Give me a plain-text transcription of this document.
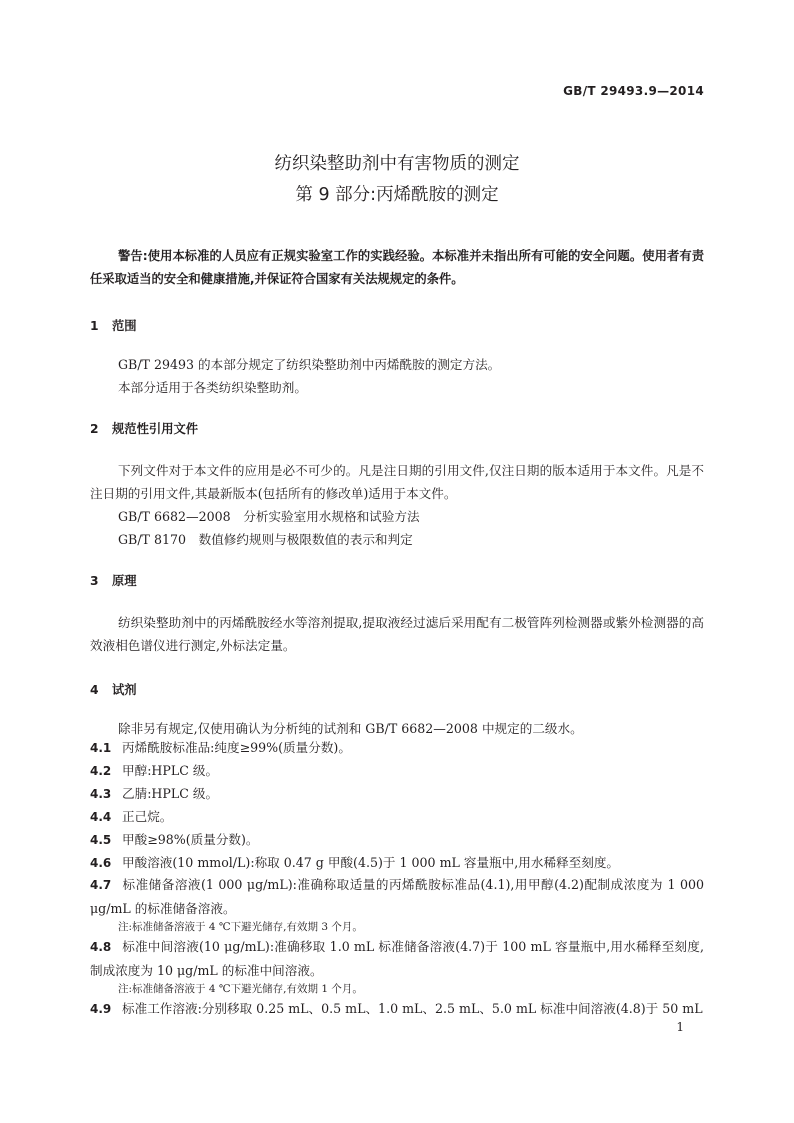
GB/T 29493.9—2014
纺织染整助剂中有害物质的测定
第 9 部分:丙烯酰胺的测定
警告:使用本标准的人员应有正规实验室工作的实践经验。本标准并未指出所有可能的安全问题。使用者有责任采取适当的安全和健康措施,并保证符合国家有关法规规定的条件。
1 范围
GB/T 29493 的本部分规定了纺织染整助剂中丙烯酰胺的测定方法。
本部分适用于各类纺织染整助剂。
2 规范性引用文件
下列文件对于本文件的应用是必不可少的。凡是注日期的引用文件,仅注日期的版本适用于本文件。凡是不注日期的引用文件,其最新版本(包括所有的修改单)适用于本文件。
GB/T 6682—2008　分析实验室用水规格和试验方法
GB/T 8170　数值修约规则与极限数值的表示和判定
3 原理
纺织染整助剂中的丙烯酰胺经水等溶剂提取,提取液经过滤后采用配有二极管阵列检测器或紫外检测器的高效液相色谱仪进行测定,外标法定量。
4 试剂
除非另有规定,仅使用确认为分析纯的试剂和 GB/T 6682—2008 中规定的二级水。
4.1 丙烯酰胺标准品:纯度≥99%(质量分数)。
4.2 甲醇:HPLC 级。
4.3 乙腈:HPLC 级。
4.4 正己烷。
4.5 甲酸≥98%(质量分数)。
4.6 甲酸溶液(10 mmol/L):称取 0.47 g 甲酸(4.5)于 1 000 mL 容量瓶中,用水稀释至刻度。
4.7 标准储备溶液(1 000 μg/mL):准确称取适量的丙烯酰胺标准品(4.1),用甲醇(4.2)配制成浓度为 1 000 μg/mL 的标准储备溶液。
注:标准储备溶液于 4 ℃下避光储存,有效期 3 个月。
4.8 标准中间溶液(10 μg/mL):准确移取 1.0 mL 标准储备溶液(4.7)于 100 mL 容量瓶中,用水稀释至刻度,制成浓度为 10 μg/mL 的标准中间溶液。
注:标准储备溶液于 4 ℃下避光储存,有效期 1 个月。
4.9 标准工作溶液:分别移取 0.25 mL、0.5 mL、1.0 mL、2.5 mL、5.0 mL 标准中间溶液(4.8)于 50 mL
1
